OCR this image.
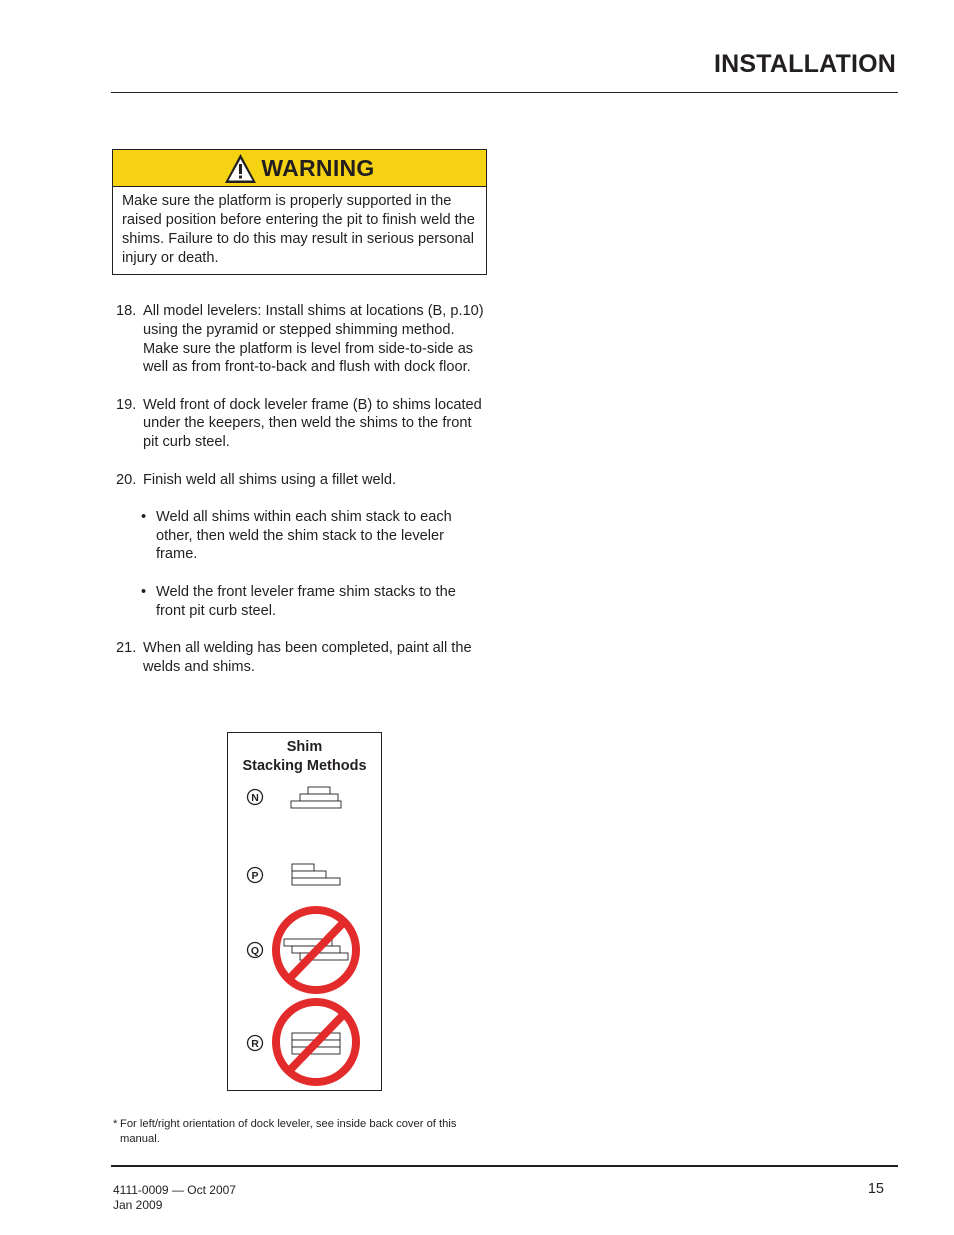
INSTALLATION
WARNING
Make sure the platform is properly supported in the raised position before entering the pit to finish weld the shims. Failure to do this may result in serious personal injury or death.
18. All model levelers: Install shims at locations (B, p.10) using the pyramid or stepped shimming method. Make sure the platform is level from side-to-side as well as from front-to-back and flush with dock floor.
19. Weld front of dock leveler frame (B) to shims located under the keepers, then weld the shims to the front pit curb steel.
20. Finish weld all shims using a fillet weld.
• Weld all shims within each shim stack to each other, then weld the shim stack to the leveler frame.
• Weld the front leveler frame shim stacks to the front pit curb steel.
21. When all welding has been completed, paint all the welds and shims.
Shim
Stacking Methods
N
P
Q
R
* For left/right orientation of dock leveler, see inside back cover of this manual.
4111-0009 — Oct 2007
Jan 2009
15
